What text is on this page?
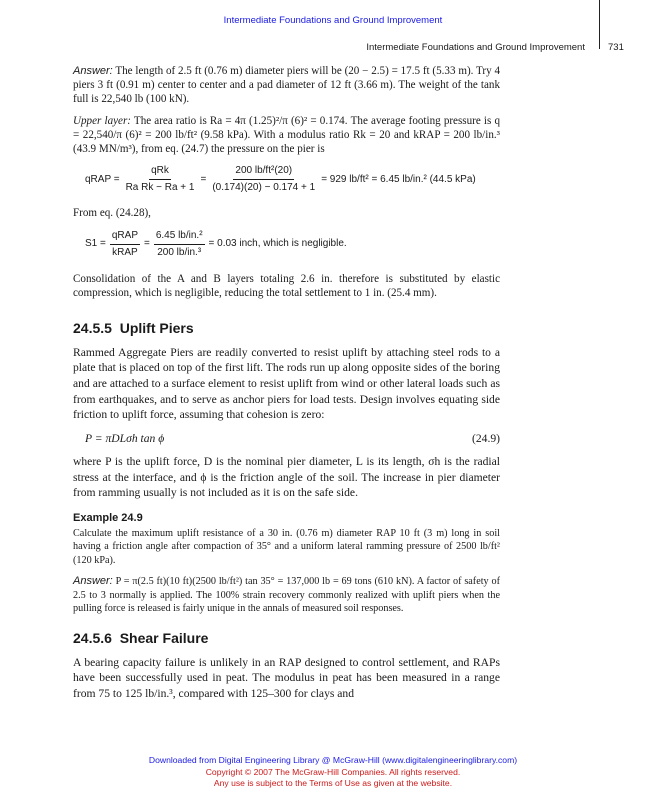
Intermediate Foundations and Ground Improvement
Intermediate Foundations and Ground Improvement 731

Answer: The length of 2.5 ft (0.76 m) diameter piers will be (20 − 2.5) = 17.5 ft (5.33 m). Try 4 piers 3 ft (0.91 m) center to center and a pad diameter of 12 ft (3.66 m). The weight of the tank full is 22,540 lb (100 kN).

Upper layer: The area ratio is Ra = 4π (1.25)²/π (6)² = 0.174. The average footing pressure is q = 22,540/π (6)² = 200 lb/ft² (9.58 kPa). With a modulus ratio Rk = 20 and kRAP = 200 lb/in.³ (43.9 MN/m³), from eq. (24.7) the pressure on the pier is

qRAP = $\frac{\text{qRk}}{\text{Ra Rk − Ra + 1}} = \frac{\text{200 lb/ft²(20)}}{(0.174)(20) - 0.174 + 1} = 929$ lb/ft² = 6.45 lb/in.² (44.5 kPa)

From eq. (24.28),

$S1 = \frac{\text{qRAP}}{\text{kRAP}} = \frac{\text{6.45 lb/in.²}}{\text{200 lb/in.³}} = 0.03$ inch, which is negligible.

Consolidation of the A and B layers totaling 2.6 in. therefore is substituted by elastic compression, which is negligible, reducing the total settlement to 1 in. (25.4 mm).

24.5.5 Uplift Piers

Rammed Aggregate Piers are readily converted to resist uplift by attaching steel rods to a plate that is placed on top of the first lift. The rods run up along opposite sides of the boring and are attached to a surface element to resist uplift from wind or other lateral loads such as from earthquakes, and to serve as anchor piers for load tests. Design involves equating side friction to uplift force, assuming that cohesion is zero:

P = πDLσh tan ϕ	(24.9)

where P is the uplift force, D is the nominal pier diameter, L is its length, σh is the radial stress at the interface, and ϕ is the friction angle of the soil. The increase in pier diameter from ramming usually is not included as it is on the safe side.

Example 24.9

Calculate the maximum uplift resistance of a 30 in. (0.76 m) diameter RAP 10 ft (3 m) long in soil having a friction angle after compaction of 35° and a uniform lateral ramming pressure of 2500 lb/ft² (120 kPa).

Answer: P = π(2.5 ft)(10 ft)(2500 lb/ft²) tan 35° = 137,000 lb = 69 tons (610 kN). A factor of safety of 2.5 to 3 normally is applied. The 100% strain recovery commonly realized with uplift piers when the pulling force is released is fairly unique in the annals of measured soil responses.

24.5.6 Shear Failure

A bearing capacity failure is unlikely in an RAP designed to control settlement, and RAPs have been successfully used in peat. The modulus in peat has been measured in a range from 75 to 125 lb/in.³, compared with 125–300 for clays and

Downloaded from Digital Engineering Library @ McGraw-Hill (www.digitalengineeringlibrary.com)
Copyright © 2007 The McGraw-Hill Companies. All rights reserved.
Any use is subject to the Terms of Use as given at the website.
